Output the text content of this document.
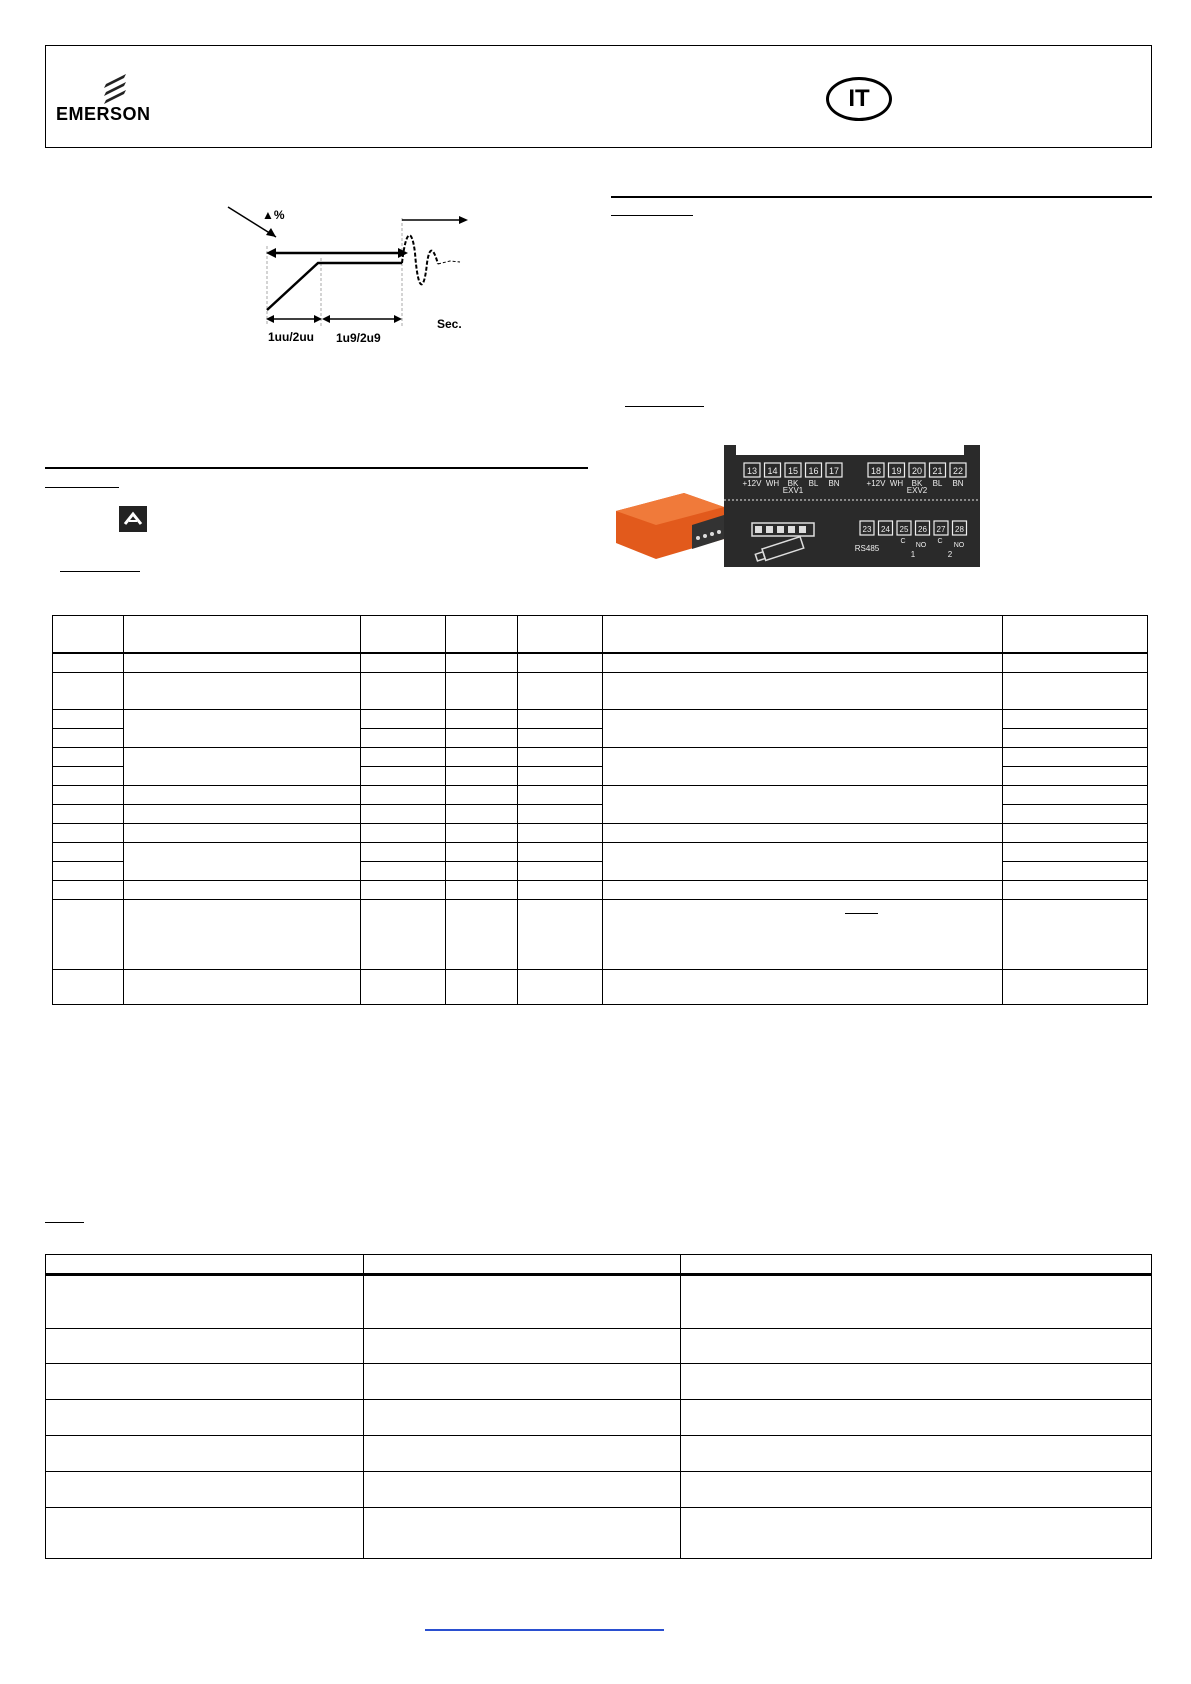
EMERSON
IT
▲%
Sec.
1uu/2uu 1u9/2u9
13
+12V
14
WH
15
BK
16
BL
17
BN
EXV1
18
+12V
19
WH
20
BK
21
BL
22
BN
EXV2
23 24 25 26 27 28
RS485
C
NO
C
NO
1	2
